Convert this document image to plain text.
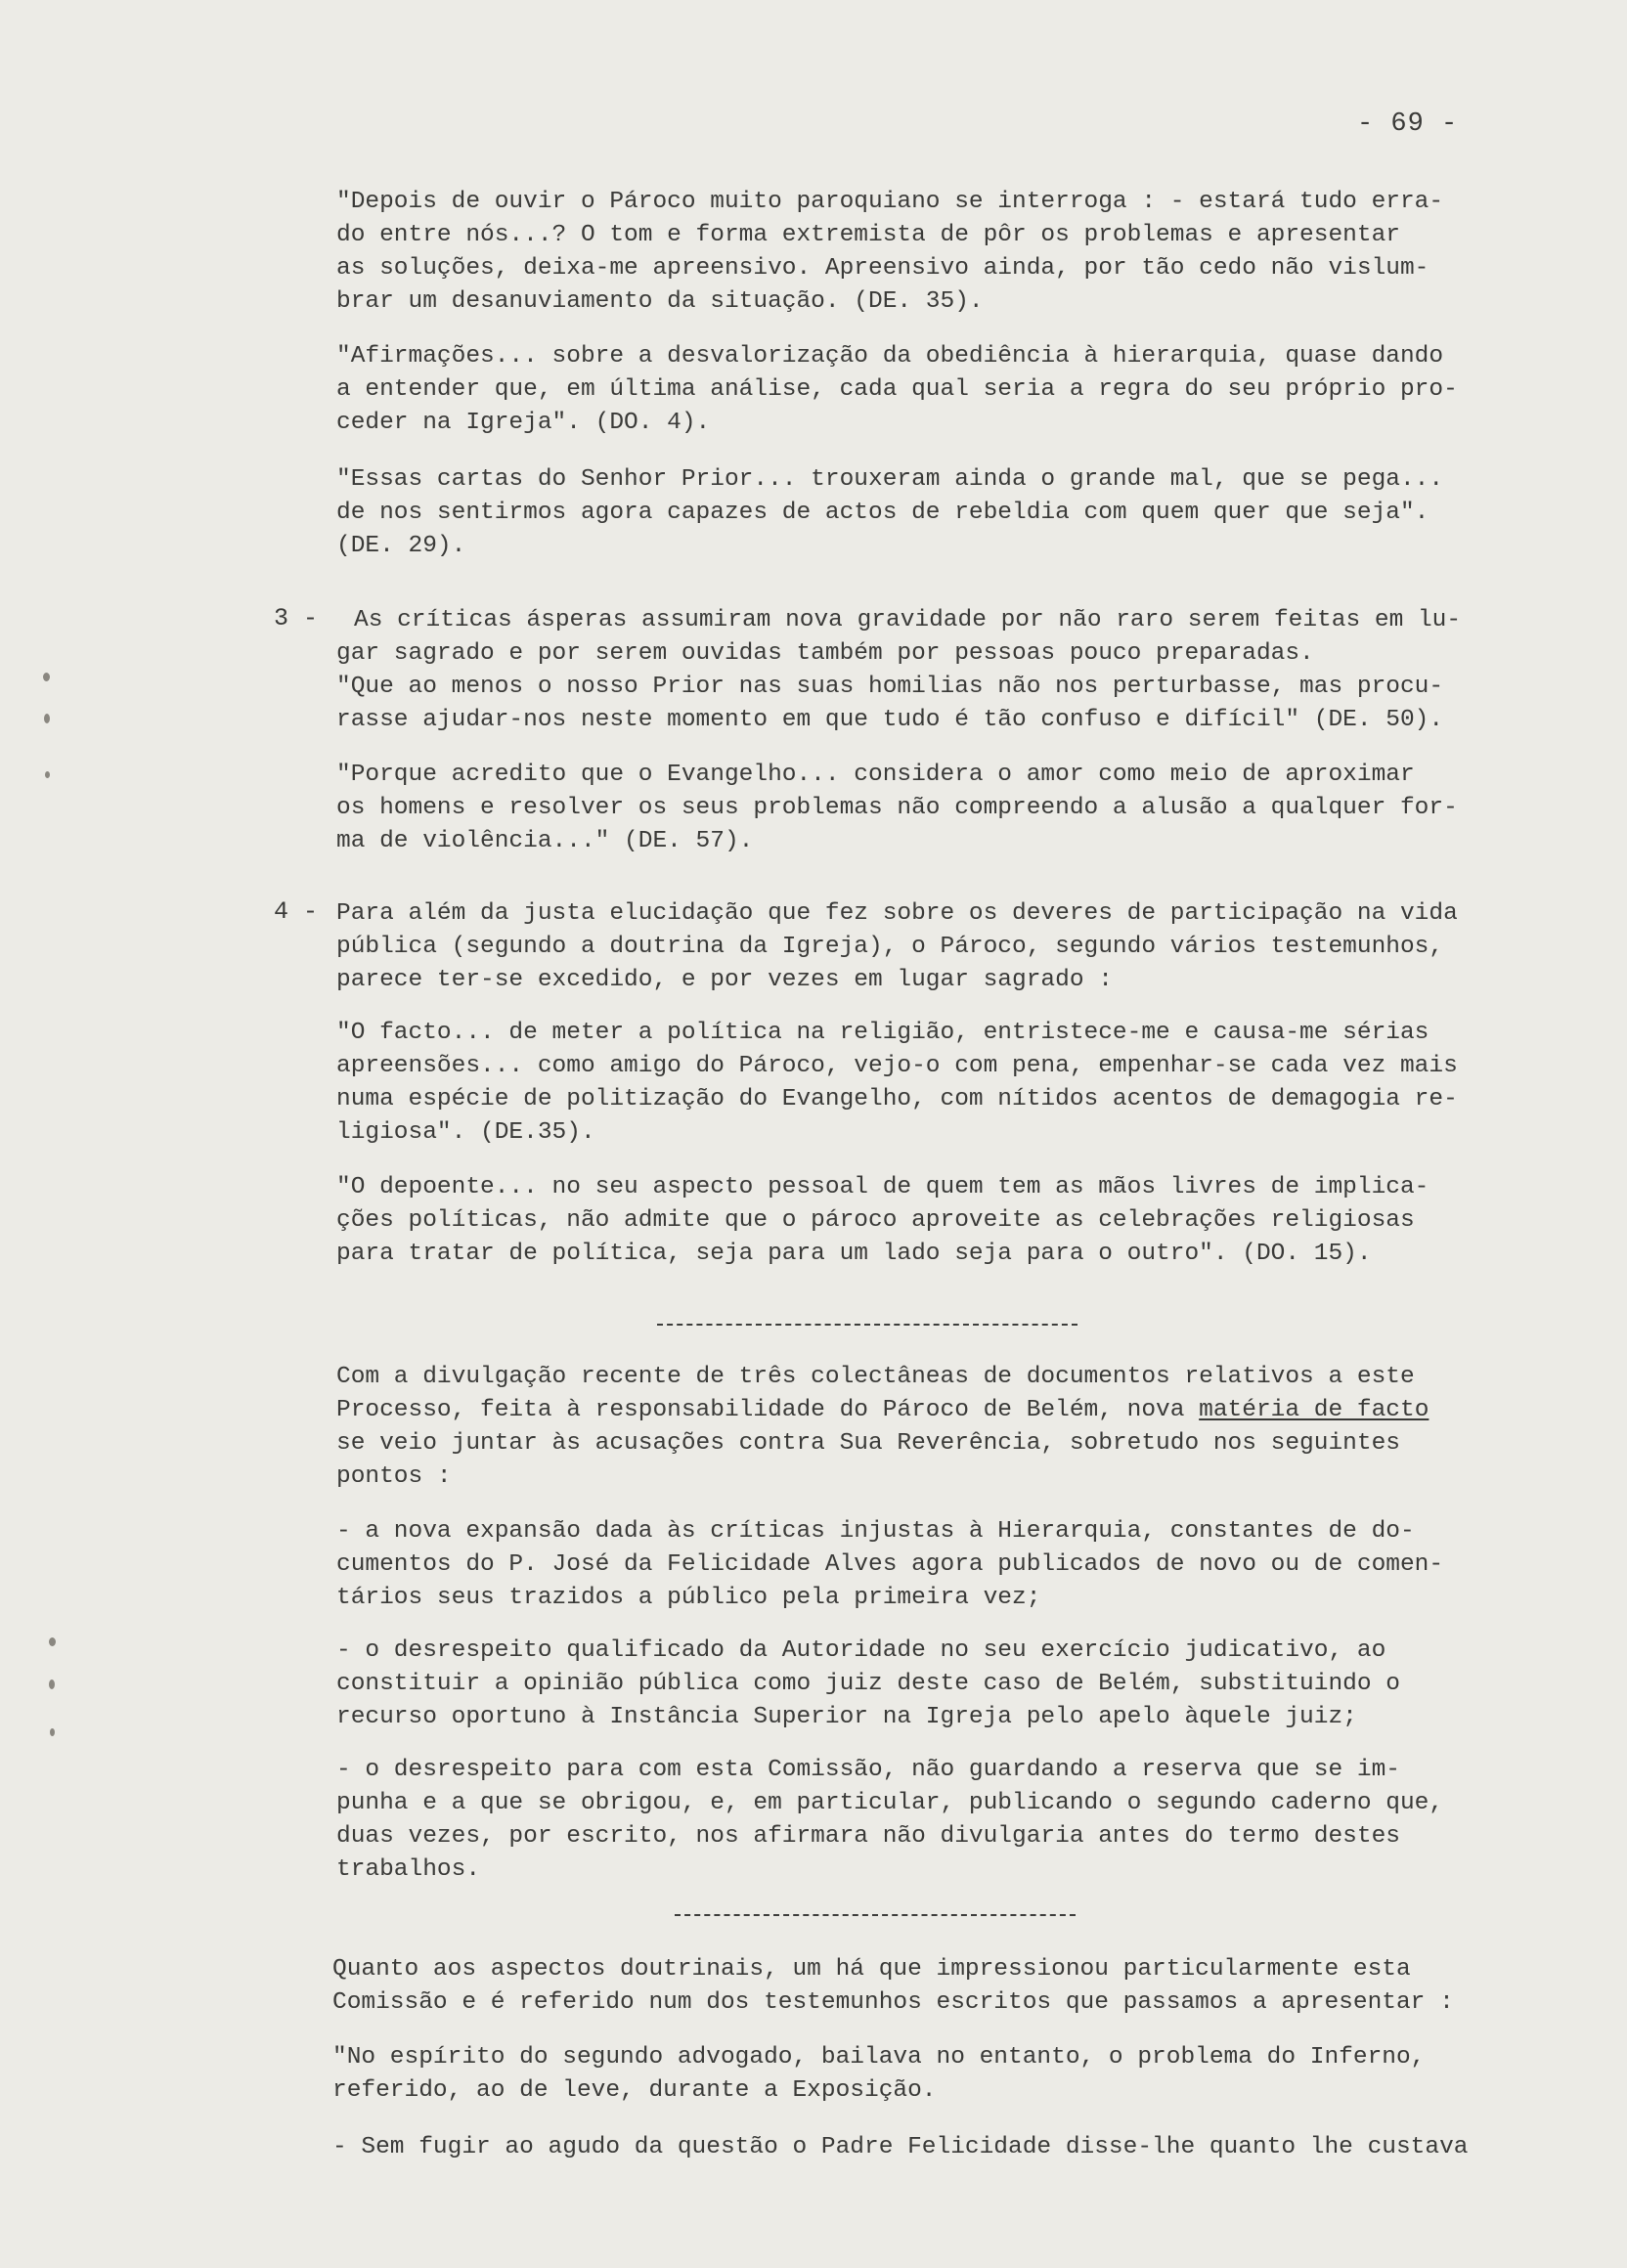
- 69 -
"Depois de ouvir o Pároco muito paroquiano se interroga : - estará tudo erra-
do entre nós...? O tom e forma extremista de pôr os problemas e apresentar
as soluções, deixa-me apreensivo. Apreensivo ainda, por tão cedo não vislum-
brar um desanuviamento da situação. (DE. 35).
"Afirmações... sobre a desvalorização da obediência à hierarquia, quase dando
a entender que, em última análise, cada qual seria a regra do seu próprio pro-
ceder na Igreja". (DO. 4).
"Essas cartas do Senhor Prior... trouxeram ainda o grande mal, que se pega...
de nos sentirmos agora capazes de actos de rebeldia com quem quer que seja".
(DE. 29).
3 - As críticas ásperas assumiram nova gravidade por não raro serem feitas em lu-
gar sagrado e por serem ouvidas também por pessoas pouco preparadas.
"Que ao menos o nosso Prior nas suas homilias não nos perturbasse, mas procu-
rasse ajudar-nos neste momento em que tudo é tão confuso e difícil" (DE. 50).
"Porque acredito que o Evangelho... considera o amor como meio de aproximar
os homens e resolver os seus problemas não compreendo a alusão a qualquer for-
ma de violência..." (DE. 57).
4 - Para além da justa elucidação que fez sobre os deveres de participação na vida
pública (segundo a doutrina da Igreja), o Pároco, segundo vários testemunhos,
parece ter-se excedido, e por vezes em lugar sagrado :
"O facto... de meter a política na religião, entristece-me e causa-me sérias
apreensões... como amigo do Pároco, vejo-o com pena, empenhar-se cada vez mais
numa espécie de politização do Evangelho, com nítidos acentos de demagogia re-
ligiosa". (DE.35).
"O depoente... no seu aspecto pessoal de quem tem as mãos livres de implica-
ções políticas, não admite que o pároco aproveite as celebrações religiosas
para tratar de política, seja para um lado seja para o outro". (DO. 15).
Com a divulgação recente de três colectâneas de documentos relativos a este
Processo, feita à responsabilidade do Pároco de Belém, nova matéria de facto
se veio juntar às acusações contra Sua Reverência, sobretudo nos seguintes
pontos :
- a nova expansão dada às críticas injustas à Hierarquia, constantes de do-
cumentos do P. José da Felicidade Alves agora publicados de novo ou de comen-
tários seus trazidos a público pela primeira vez;
- o desrespeito qualificado da Autoridade no seu exercício judicativo, ao
constituir a opinião pública como juiz deste caso de Belém, substituindo o
recurso oportuno à Instância Superior na Igreja pelo apelo àquele juiz;
- o desrespeito para com esta Comissão, não guardando a reserva que se im-
punha e a que se obrigou, e, em particular, publicando o segundo caderno que,
duas vezes, por escrito, nos afirmara não divulgaria antes do termo destes
trabalhos.
Quanto aos aspectos doutrinais, um há que impressionou particularmente esta
Comissão e é referido num dos testemunhos escritos que passamos a apresentar :
"No espírito do segundo advogado, bailava no entanto, o problema do Inferno,
referido, ao de leve, durante a Exposição.
- Sem fugir ao agudo da questão o Padre Felicidade disse-lhe quanto lhe custava
